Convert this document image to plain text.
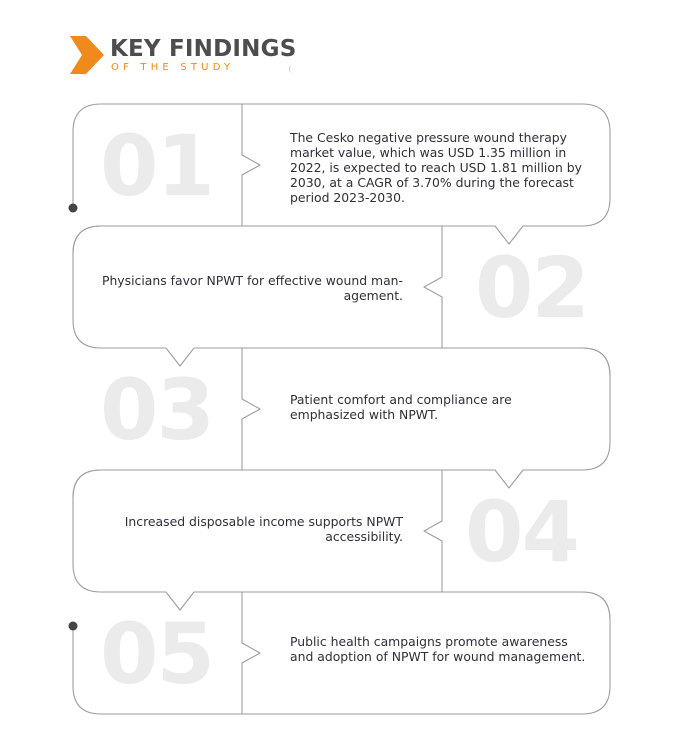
KEY FINDINGS

OF THE STUDY

01	The Cesko negative pressure wound therapy market value, which was USD 1.35 million in 2022, is expected to reach USD 1.81 million by 2030, at a CAGR of 3.70% during the forecast period 2023-2030.

02

Physicians favor NPWT for effective wound man-agement.

03	Patient comfort and compliance are emphasized with NPWT.

04

Increased disposable income supports NPWT accessibility.

05	Public health campaigns promote awareness and adoption of NPWT for wound management.
